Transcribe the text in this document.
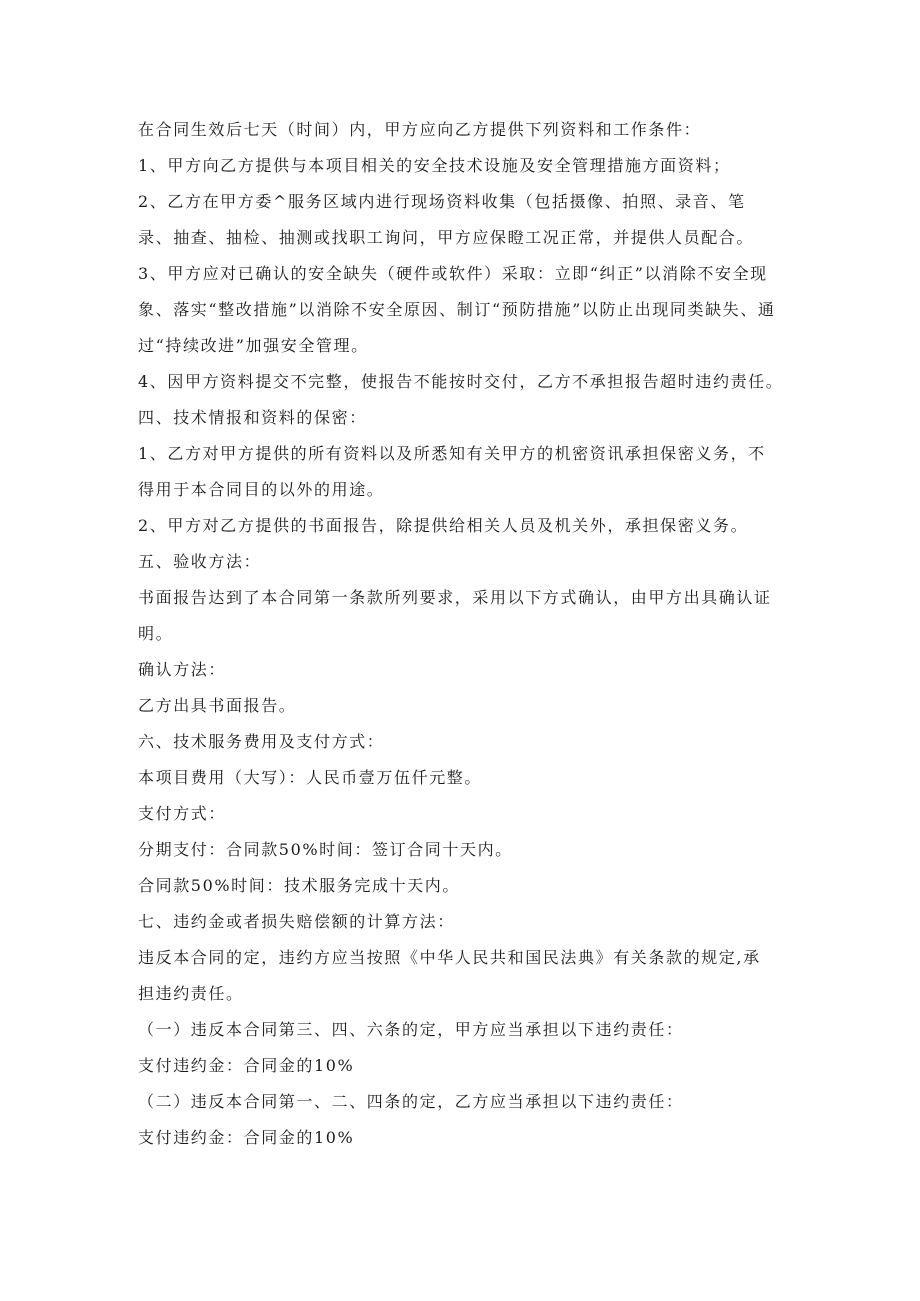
在合同生效后七天（时间）内，甲方应向乙方提供下列资料和工作条件：

1、甲方向乙方提供与本项目相关的安全技术设施及安全管理措施方面资料；

2、乙方在甲方委^服务区域内进行现场资料收集（包括摄像、拍照、录音、笔录、抽查、抽检、抽测或找职工询问，甲方应保瞪工况正常，并提供人员配合。

3、甲方应对已确认的安全缺失（硬件或软件）采取：立即“纠正”以消除不安全现象、落实“整改措施”以消除不安全原因、制订“预防措施”以防止出现同类缺失、通过“持续改进”加强安全管理。

4、因甲方资料提交不完整，使报告不能按时交付，乙方不承担报告超时违约责任。

四、技术情报和资料的保密：

1、乙方对甲方提供的所有资料以及所悉知有关甲方的机密资讯承担保密义务，不得用于本合同目的以外的用途。

2、甲方对乙方提供的书面报告，除提供给相关人员及机关外，承担保密义务。五、验收方法：

书面报告达到了本合同第一条款所列要求，采用以下方式确认，由甲方出具确认证明。

确认方法：

乙方出具书面报告。

六、技术服务费用及支付方式：

本项目费用（大写）：人民币壹万伍仟元整。

支付方式：

分期支付：合同款50%时间：签订合同十天内。

合同款50%时间：技术服务完成十天内。

七、违约金或者损失赔偿额的计算方法：

违反本合同的定，违约方应当按照《中华人民共和国民法典》有关条款的规定,承担违约责任。

（一）违反本合同第三、四、六条的定，甲方应当承担以下违约责任：

支付违约金：合同金的10%

（二）违反本合同第一、二、四条的定，乙方应当承担以下违约责任：

支付违约金：合同金的10%
